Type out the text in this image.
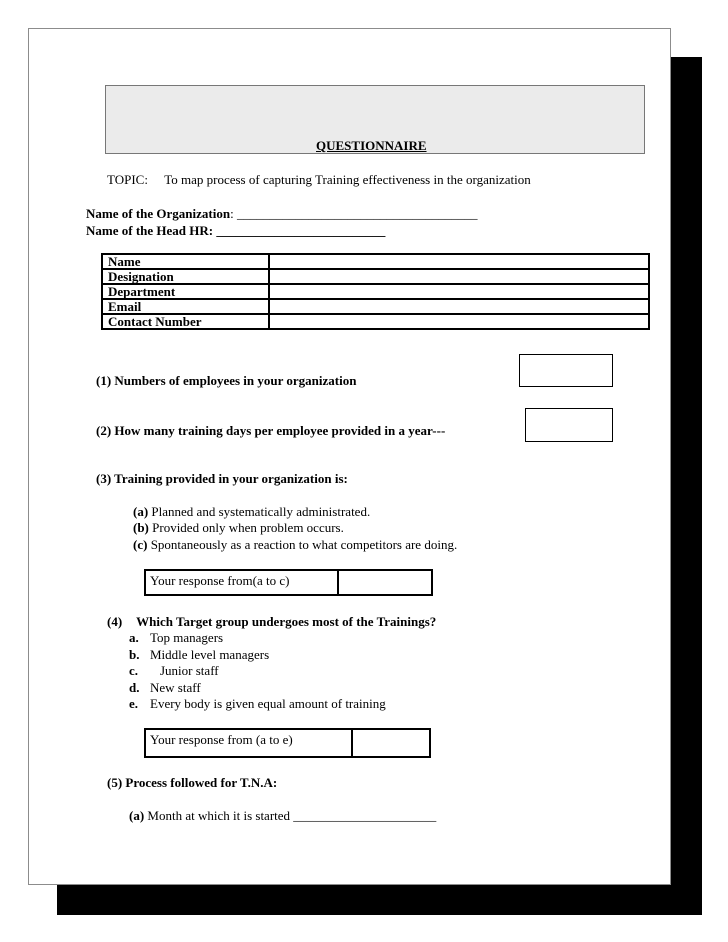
QUESTIONNAIRE
TOPIC:  To map process of capturing Training effectiveness in the organization
Name of the Organization: _____________________________________
Name of the Head HR: __________________________
Name	
Designation	
Department	
Email	
Contact Number	
(1) Numbers of employees in your organization
(2) How many training days per employee provided in a year---
(3) Training provided in your organization is:
(a) Planned and systematically administrated.
(b) Provided only when problem occurs.
(c) Spontaneously as a reaction to what competitors are doing.
Your response from(a to c)
(4) Which Target group undergoes most of the Trainings?
a. Top managers
b. Middle level managers
c. Junior staff
d. New staff
e. Every body is given equal amount of training
Your response from (a to e)
(5) Process followed for T.N.A:
(a) Month at which it is started ______________________
